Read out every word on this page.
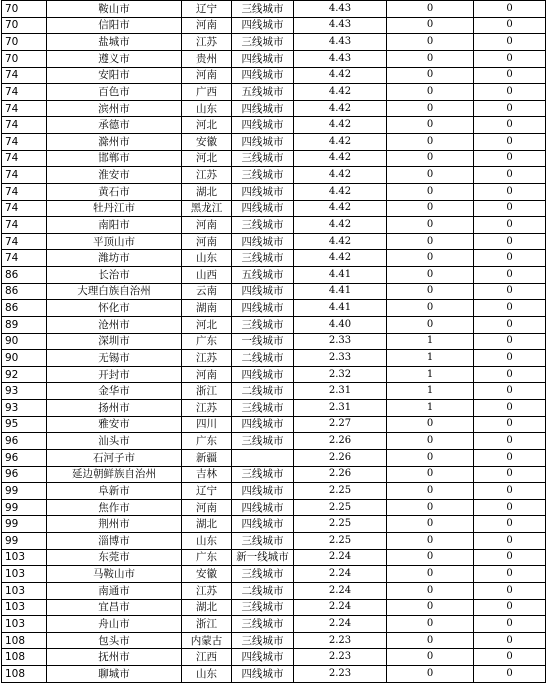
70	鞍山市	辽宁	三线城市	4.43	0	0
70	信阳市	河南	四线城市	4.43	0	0
70	盐城市	江苏	三线城市	4.43	0	0
70	遵义市	贵州	四线城市	4.43	0	0
74	安阳市	河南	四线城市	4.42	0	0
74	百色市	广西	五线城市	4.42	0	0
74	滨州市	山东	四线城市	4.42	0	0
74	承德市	河北	四线城市	4.42	0	0
74	滁州市	安徽	四线城市	4.42	0	0
74	邯郸市	河北	三线城市	4.42	0	0
74	淮安市	江苏	三线城市	4.42	0	0
74	黄石市	湖北	四线城市	4.42	0	0
74	牡丹江市	黑龙江	四线城市	4.42	0	0
74	南阳市	河南	三线城市	4.42	0	0
74	平顶山市	河南	四线城市	4.42	0	0
74	潍坊市	山东	三线城市	4.42	0	0
86	长治市	山西	五线城市	4.41	0	0
86	大理白族自治州	云南	四线城市	4.41	0	0
86	怀化市	湖南	四线城市	4.41	0	0
89	沧州市	河北	三线城市	4.40	0	0
90	深圳市	广东	一线城市	2.33	1	0
90	无锡市	江苏	二线城市	2.33	1	0
92	开封市	河南	四线城市	2.32	1	0
93	金华市	浙江	二线城市	2.31	1	0
93	扬州市	江苏	三线城市	2.31	1	0
95	雅安市	四川	四线城市	2.27	0	0
96	汕头市	广东	三线城市	2.26	0	0
96	石河子市	新疆		2.26	0	0
96	延边朝鲜族自治州	吉林	三线城市	2.26	0	0
99	阜新市	辽宁	四线城市	2.25	0	0
99	焦作市	河南	四线城市	2.25	0	0
99	荆州市	湖北	四线城市	2.25	0	0
99	淄博市	山东	三线城市	2.25	0	0
103	东莞市	广东	新一线城市	2.24	0	0
103	马鞍山市	安徽	三线城市	2.24	0	0
103	南通市	江苏	二线城市	2.24	0	0
103	宜昌市	湖北	三线城市	2.24	0	0
103	舟山市	浙江	三线城市	2.24	0	0
108	包头市	内蒙古	三线城市	2.23	0	0
108	抚州市	江西	四线城市	2.23	0	0
108	聊城市	山东	四线城市	2.23	0	0
